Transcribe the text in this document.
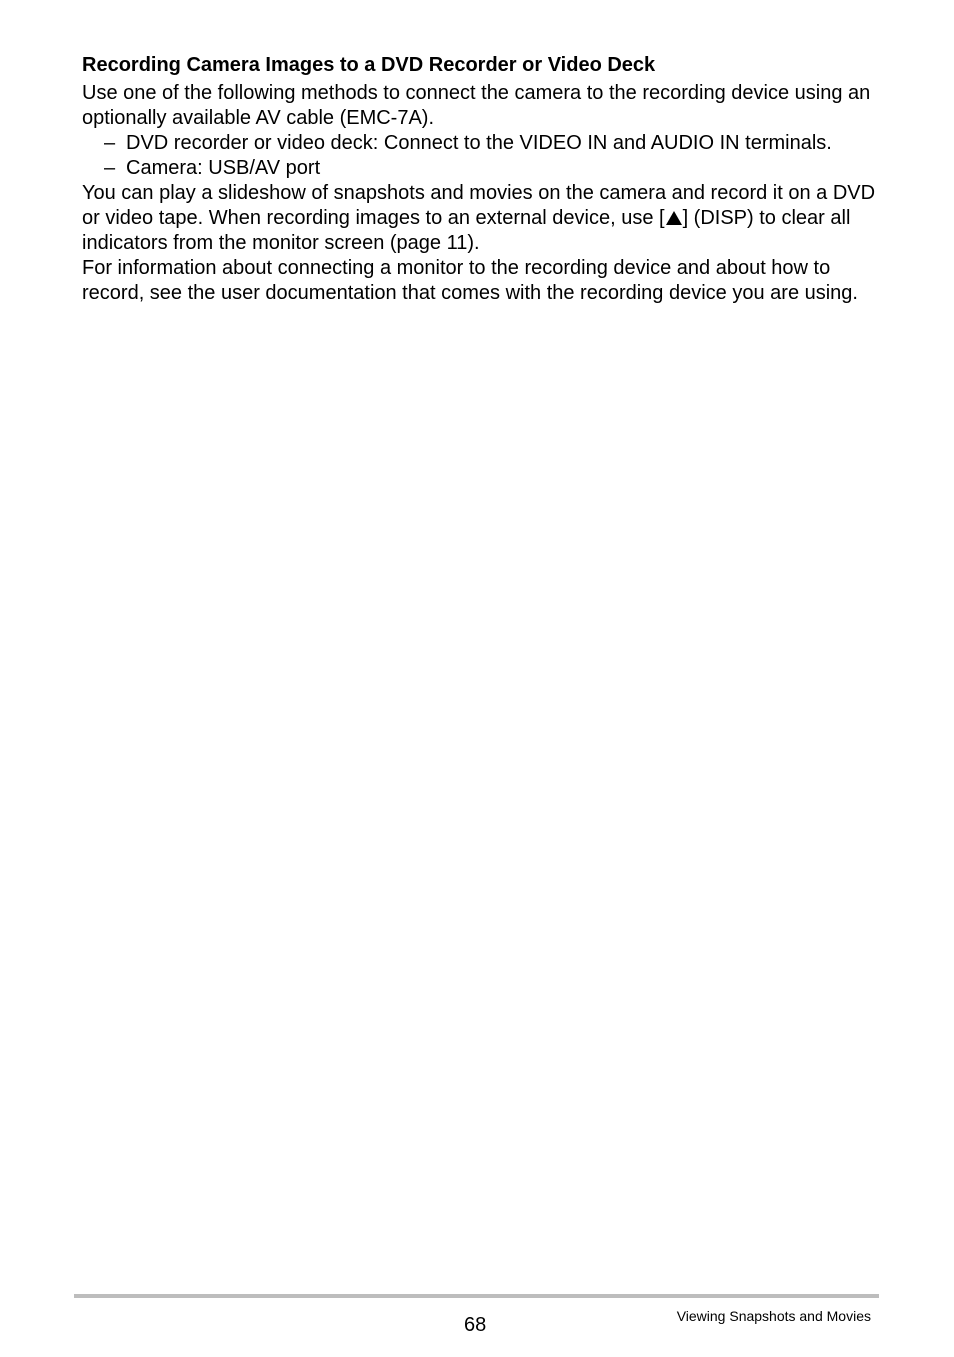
Recording Camera Images to a DVD Recorder or Video Deck

Use one of the following methods to connect the camera to the recording device using an optionally available AV cable (EMC-7A).

– DVD recorder or video deck: Connect to the VIDEO IN and AUDIO IN terminals.
– Camera: USB/AV port

You can play a slideshow of snapshots and movies on the camera and record it on a DVD or video tape. When recording images to an external device, use [ ] (DISP) to clear all indicators from the monitor screen (page 11).

For information about connecting a monitor to the recording device and about how to record, see the user documentation that comes with the recording device you are using.

68	Viewing Snapshots and Movies
